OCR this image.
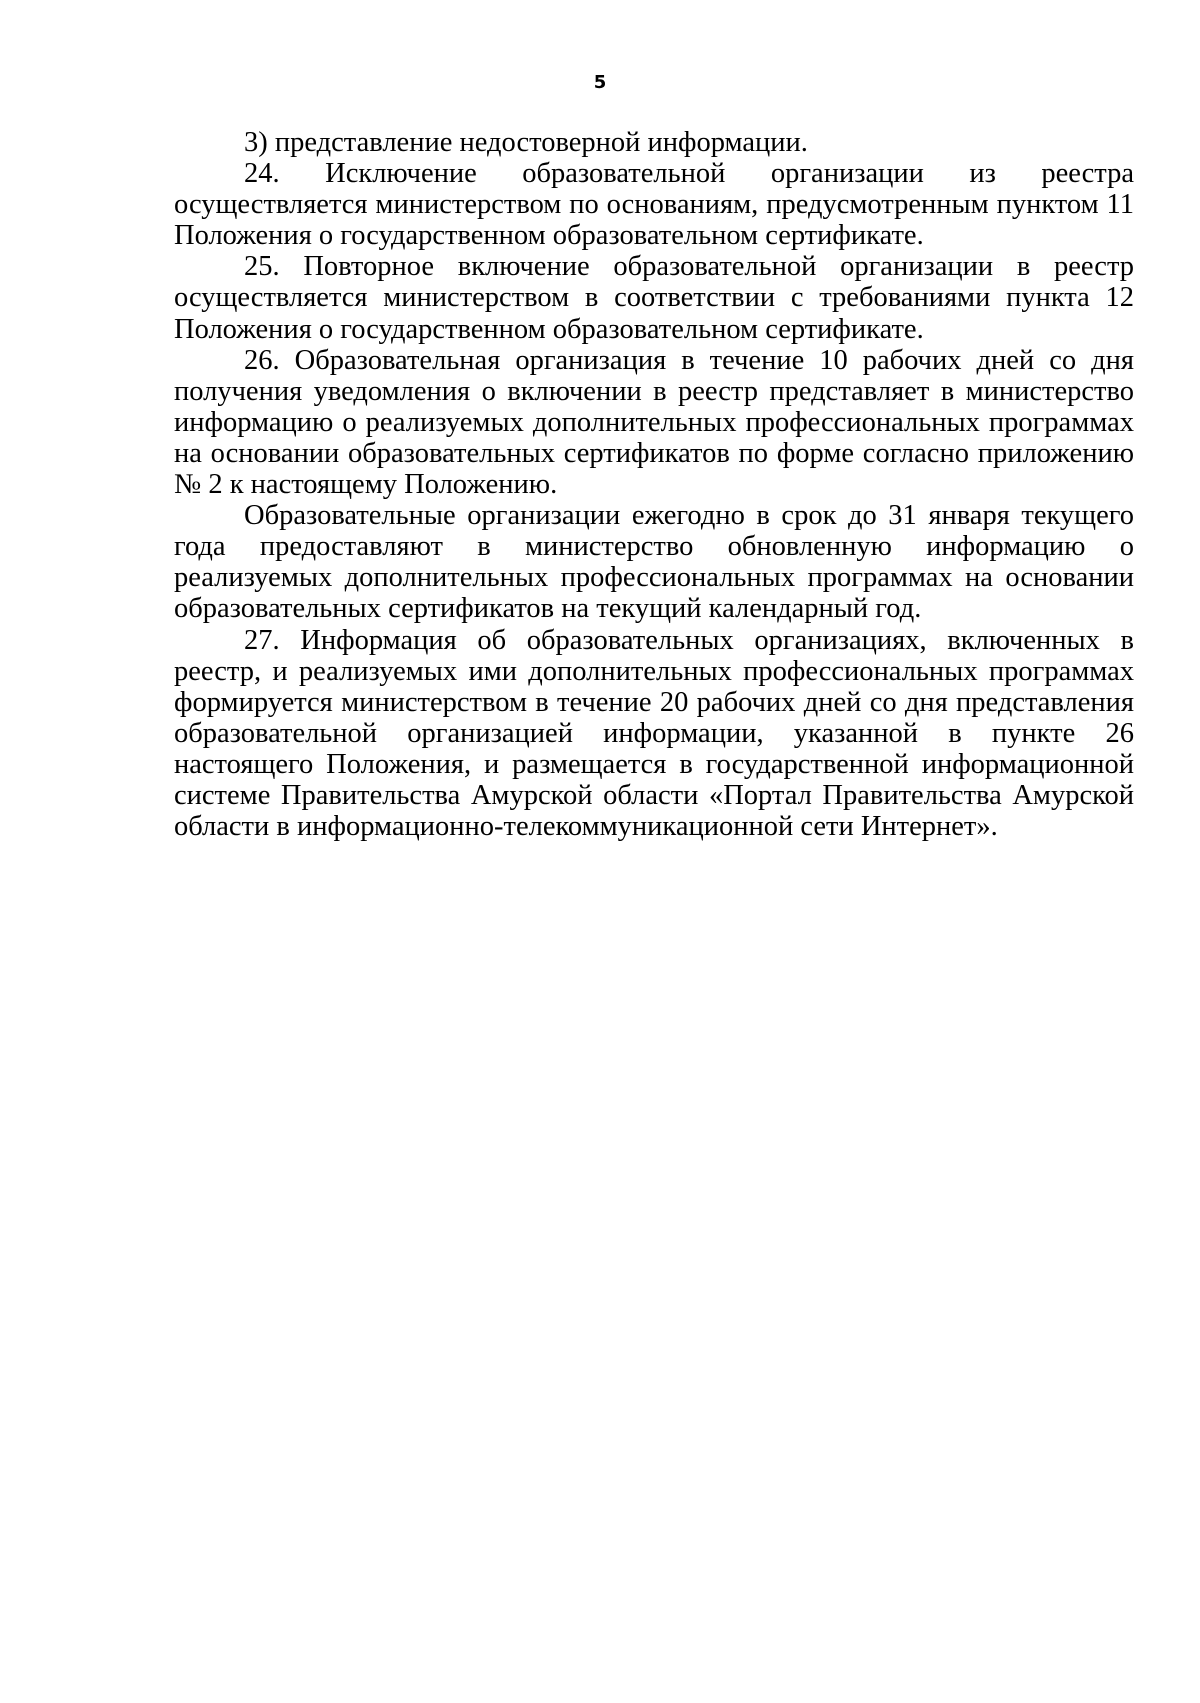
5

3) представление недостоверной информации.

24. Исключение образовательной организации из реестра осуществляется министерством по основаниям, предусмотренным пунктом 11 Положения о государственном образовательном сертификате.

25. Повторное включение образовательной организации в реестр осуществляется министерством в соответствии с требованиями пункта 12 Положения о государственном образовательном сертификате.

26. Образовательная организация в течение 10 рабочих дней со дня получения уведомления о включении в реестр представляет в министерство информацию о реализуемых дополнительных профессиональных программах на основании образовательных сертификатов по форме согласно приложению № 2 к настоящему Положению.

Образовательные организации ежегодно в срок до 31 января текущего года предоставляют в министерство обновленную информацию о реализуемых дополнительных профессиональных программах на основании образовательных сертификатов на текущий календарный год.

27. Информация об образовательных организациях, включенных в реестр, и реализуемых ими дополнительных профессиональных программах формируется министерством в течение 20 рабочих дней со дня представления образовательной организацией информации, указанной в пункте 26 настоящего Положения, и размещается в государственной информационной системе Правительства Амурской области «Портал Правительства Амурской области в информационно-телекоммуникационной сети Интернет».
